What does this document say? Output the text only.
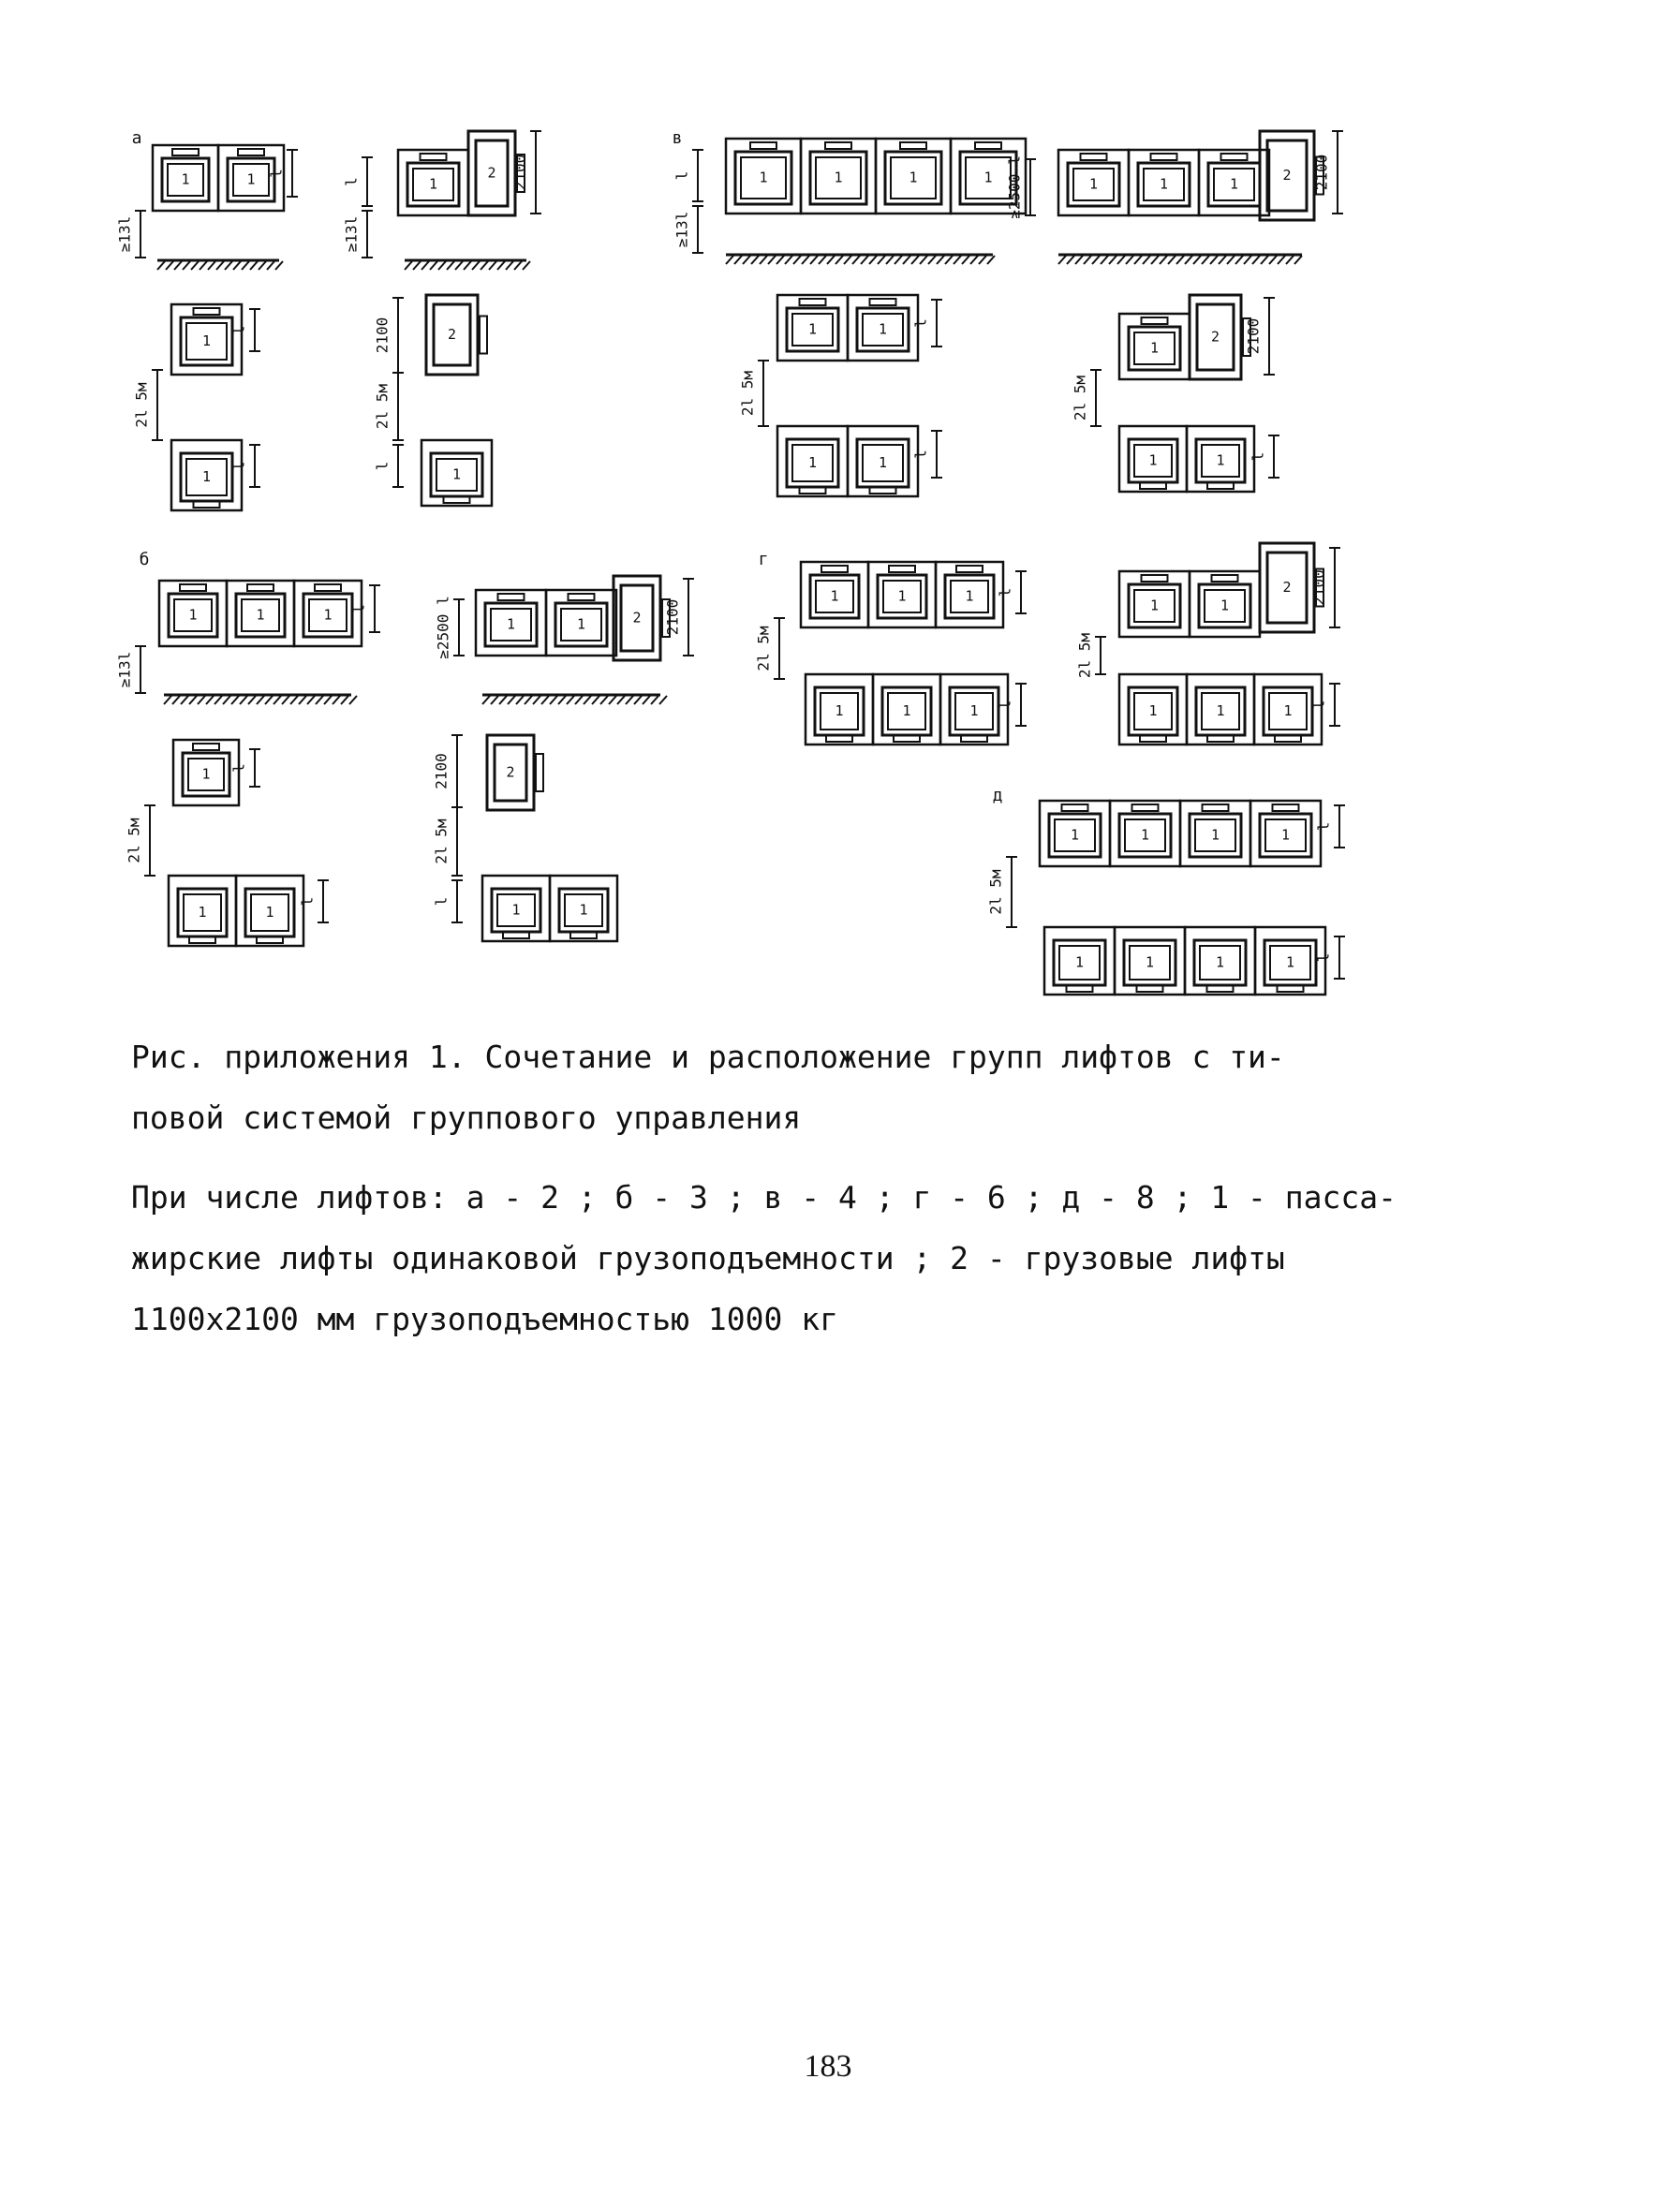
а
б
в
г
д
1	1 l
≥13l
1
l
2l 5м
1
l
1
2 2100
l
≥13l
2
2100
2l 5м
1
l
1	1	1 l
≥13l
1 l
2l 5м
1	1
l
1	1	2 2100
≥2500 l
2
2100
2l 5м
1	1
l
1	1	1	1
l
≥13l
1	1 l
2l 5м
1	1 l
1	1	1
2 2100
≥2500 l
1
2 2100
2l 5м
1	1 l
1	1	1 l
2l 5м
1	1	1 l
1	1
2 2100
2l 5м
1	1	1 l
1	1	1	1 l
2l 5м
1	1	1	1 l
Рис. приложения 1. Сочетание и расположение групп лифтов с ти-
повой системой группового управления
При числе лифтов: а - 2 ; б - 3 ; в - 4 ; г - 6 ; д - 8 ; 1 - пасса-
жирские лифты одинаковой грузоподъемности ; 2 - грузовые лифты
1100x2100 мм грузоподъемностью 1000 кг
183
